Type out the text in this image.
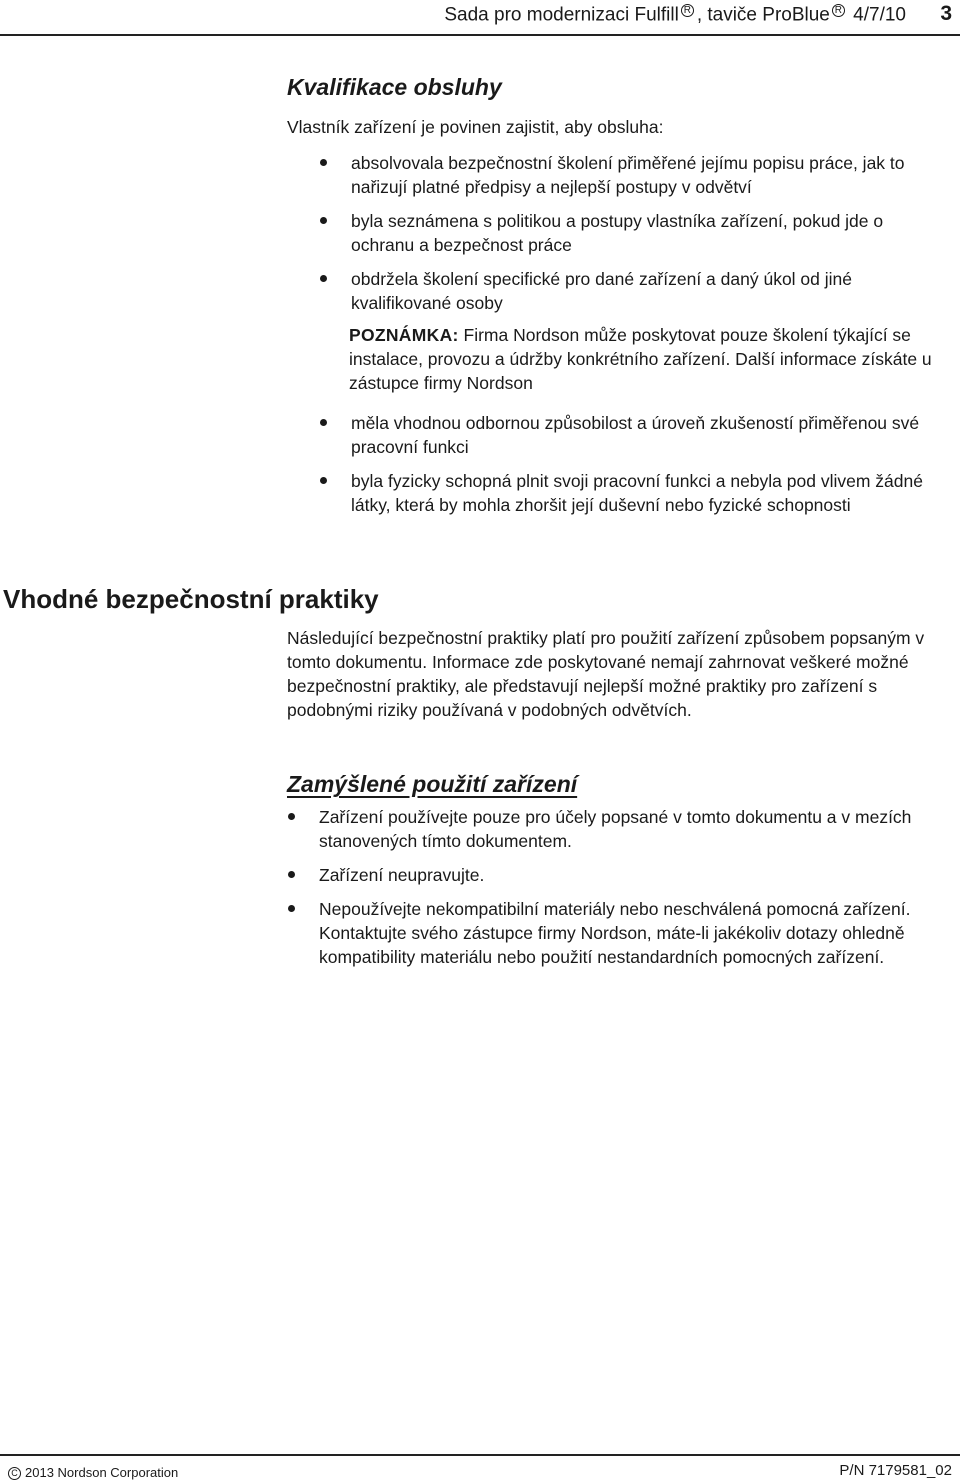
Sada pro modernizaci Fulfill R , taviče ProBlue R 4/7/10 3
Kvalifikace obsluhy
Vlastník zařízení je povinen zajistit, aby obsluha:
absolvovala bezpečnostní školení přiměřené jejímu popisu práce, jak to nařizují platné předpisy a nejlepší postupy v odvětví
byla seznámena s politikou a postupy vlastníka zařízení, pokud jde o ochranu a bezpečnost práce
obdržela školení specifické pro dané zařízení a daný úkol od jiné kvalifikované osoby
POZNÁMKA: Firma Nordson může poskytovat pouze školení týkající se instalace, provozu a údržby konkrétního zařízení. Další informace získáte u zástupce firmy Nordson
měla vhodnou odbornou způsobilost a úroveň zkušeností přiměřenou své pracovní funkci
byla fyzicky schopná plnit svoji pracovní funkci a nebyla pod vlivem žádné látky, která by mohla zhoršit její duševní nebo fyzické schopnosti
Vhodné bezpečnostní praktiky
Následující bezpečnostní praktiky platí pro použití zařízení způsobem popsaným v tomto dokumentu. Informace zde poskytované nemají zahrnovat veškeré možné bezpečnostní praktiky, ale představují nejlepší možné praktiky pro zařízení s podobnými riziky používaná v podobných odvětvích.
Zamýšlené použití zařízení
Zařízení používejte pouze pro účely popsané v tomto dokumentu a v mezích stanovených tímto dokumentem.
Zařízení neupravujte.
Nepoužívejte nekompatibilní materiály nebo neschválená pomocná zařízení. Kontaktujte svého zástupce firmy Nordson, máte-li jakékoliv dotazy ohledně kompatibility materiálu nebo použití nestandardních pomocných zařízení.
C 2013 Nordson Corporation	P/N 7179581_02
